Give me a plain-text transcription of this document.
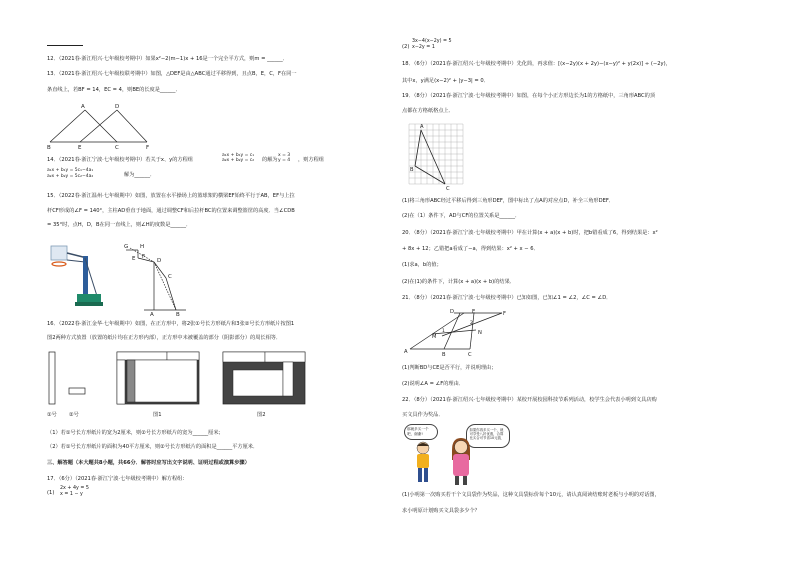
12．（2021春·浙江绍兴·七年级校考期中）如果x²−2(m−1)x + 16是一个完全平方式，则m = ______．
13．（2021春·浙江绍兴·七年级校联考期中）如图，△DEF是由△ABC通过平移得到，且点B，E，C，F在同一
条直线上，若BF = 14，EC = 4，则BE的长度是______．
A	D
B	E	C	F
14．（2021春·浙江宁波·七年级校考期中）若关于x、y的方程组
a₁x + b₁y = c₁
a₂x + b₂y = c₂ 的解为
x = 3
y = 4 ，则方程组
a₁x + b₁y = 5c₁−4a₁
a₂x + b₂y = 5c₂−4a₂	解为______．
15．（2022春·浙江温州·七年级期中）如图，放置在水平操场上的篮球架的横梁EF始终平行于AB，EF与上拉
杆CF形成的∠F = 140°，主柱AD垂直于地面，通过调整CF和后拉杆BC的位置来调整篮筐的高度．当∠CDB
= 35°时，点H，D，B在同一直线上，则∠H的度数是______．
G H
E F
D
C
A	B
16．（2022春·浙江金华·七年级期中）如图，在正方形中，将2张①号长方形纸片和3张②号长方形纸片按图1
图2两种方式放置（放置的纸片均在正方形内部），正方形中未被覆盖的部分（阴影部分）的周长相等．
①号 ②号	图1	图2
（1）若①号长方形纸片的宽为2厘米，则②号长方形纸片的宽为______厘米；
（2）若①号长方形纸片的面积为40平方厘米，则②号长方形纸片的面积是______平方厘米．
三、解答题（本大题共8小题，共66分．解答时应写出文字说明、证明过程或演算步骤）
17．（6分）（2021春·浙江宁波·七年级校考期中）解方程组：
(1)
2x + 4y = 5
x = 1 − y
(2)
3x−4(x−2y) = 5
x−2y = 1
18．（6分）（2021春·浙江绍兴·七年级校考期中）先化简，再求值：[(x−2y)(x + 2y)−(x−y)² + y(2x)] ÷ (−2y)，
其中x，y满足(x−2)² + |y−3| = 0．
19．（8分）（2021春·浙江宁波·七年级校考期中）如图，在每个小正方形边长为1的方格纸中，三角形ABC的顶
点都在方格纸格点上．
A
B
C
(1)将三角形ABC经过平移后得到三角形DEF，图中标出了点A的对应点D，补全三角形DEF．
(2)在（1）条件下，AD与CF的位置关系是______．
20．（8分）（2021春·浙江宁波·七年级校考期中）甲在计算(x + a)(x + b)时，把b错看成了6，得到结果是：x²
+ 8x + 12；乙错把a看成了−a，得到结果：x² + x − 6．
(1)求a，b的值；
(2)在(1)的条件下，计算(x + a)(x + b)的结果．
21．（8分）（2021春·浙江宁波·七年级校考期中）已知如图，已知∠1 = ∠2，∠C = ∠D．
A	B	C
D	E	F
M
N
1
2
(1)判断BD与CE是否平行，并说明理由；
(2)说明∠A = ∠F的理由．
22．（8分）（2021春·浙江绍兴·七年级校考期中）某校开展校园科技节系列活动，校学生会代表小明到文具店购
买文具作为奖品．
那就多买一个吧，谢谢!
如果你再多买一个，就可享受八折优惠，合算比买合可节省10元钱．
(1)小明第一次购买若干个文具袋作为奖品，这种文具袋标价每个10元，请认真阅读结账时老板与小明的对话图，
求小明原计划购买文具袋多少个？
